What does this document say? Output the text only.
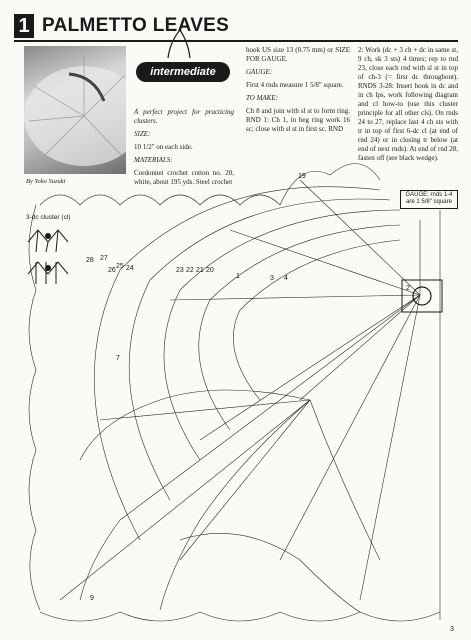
1 PALMETTO LEAVES
By Yoko Suzuki
3-dc cluster (cl)
intermediate

A perfect project for practicing clusters.

SIZE:

10 1/2" on each side.

MATERIALS:

Cordonnet crochet cotton no. 20, white, about 195 yds. Steel crochet

hook US size 13 (0.75 mm) or SIZE FOR GAUGE.

GAUGE:

First 4 rnds measure 1 5/8" square.

TO MAKE:

Ch 8 and join with sl st to form ring. RND 1: Ch 1, in beg ring work 16 sc; close with sl st in first sc. RND

2: Work (dc + 3 ch + dc in same st, 9 ch, sk 3 sts) 4 times; rep to rnd 23, close each rnd with sl st in top of ch-3 (= first dc throughout). RNDS 3-28: Insert hook in dc and in ch lps, work following diagram and cl how-to (use this cluster principle for all other cls). On rnds 24 to 27, replace last 4 ch sts with tr in top of first 6-dc cl (at end of rnd 24) or in closing tr below (at end of next rnds). At end of rnd 28, fasten off (see black wedge).

19
2
27
26
25 24	23 22 21 20
1	3 4
28
7
9
GAUGE: rnds 1-4
are 1 5/8" square
3
